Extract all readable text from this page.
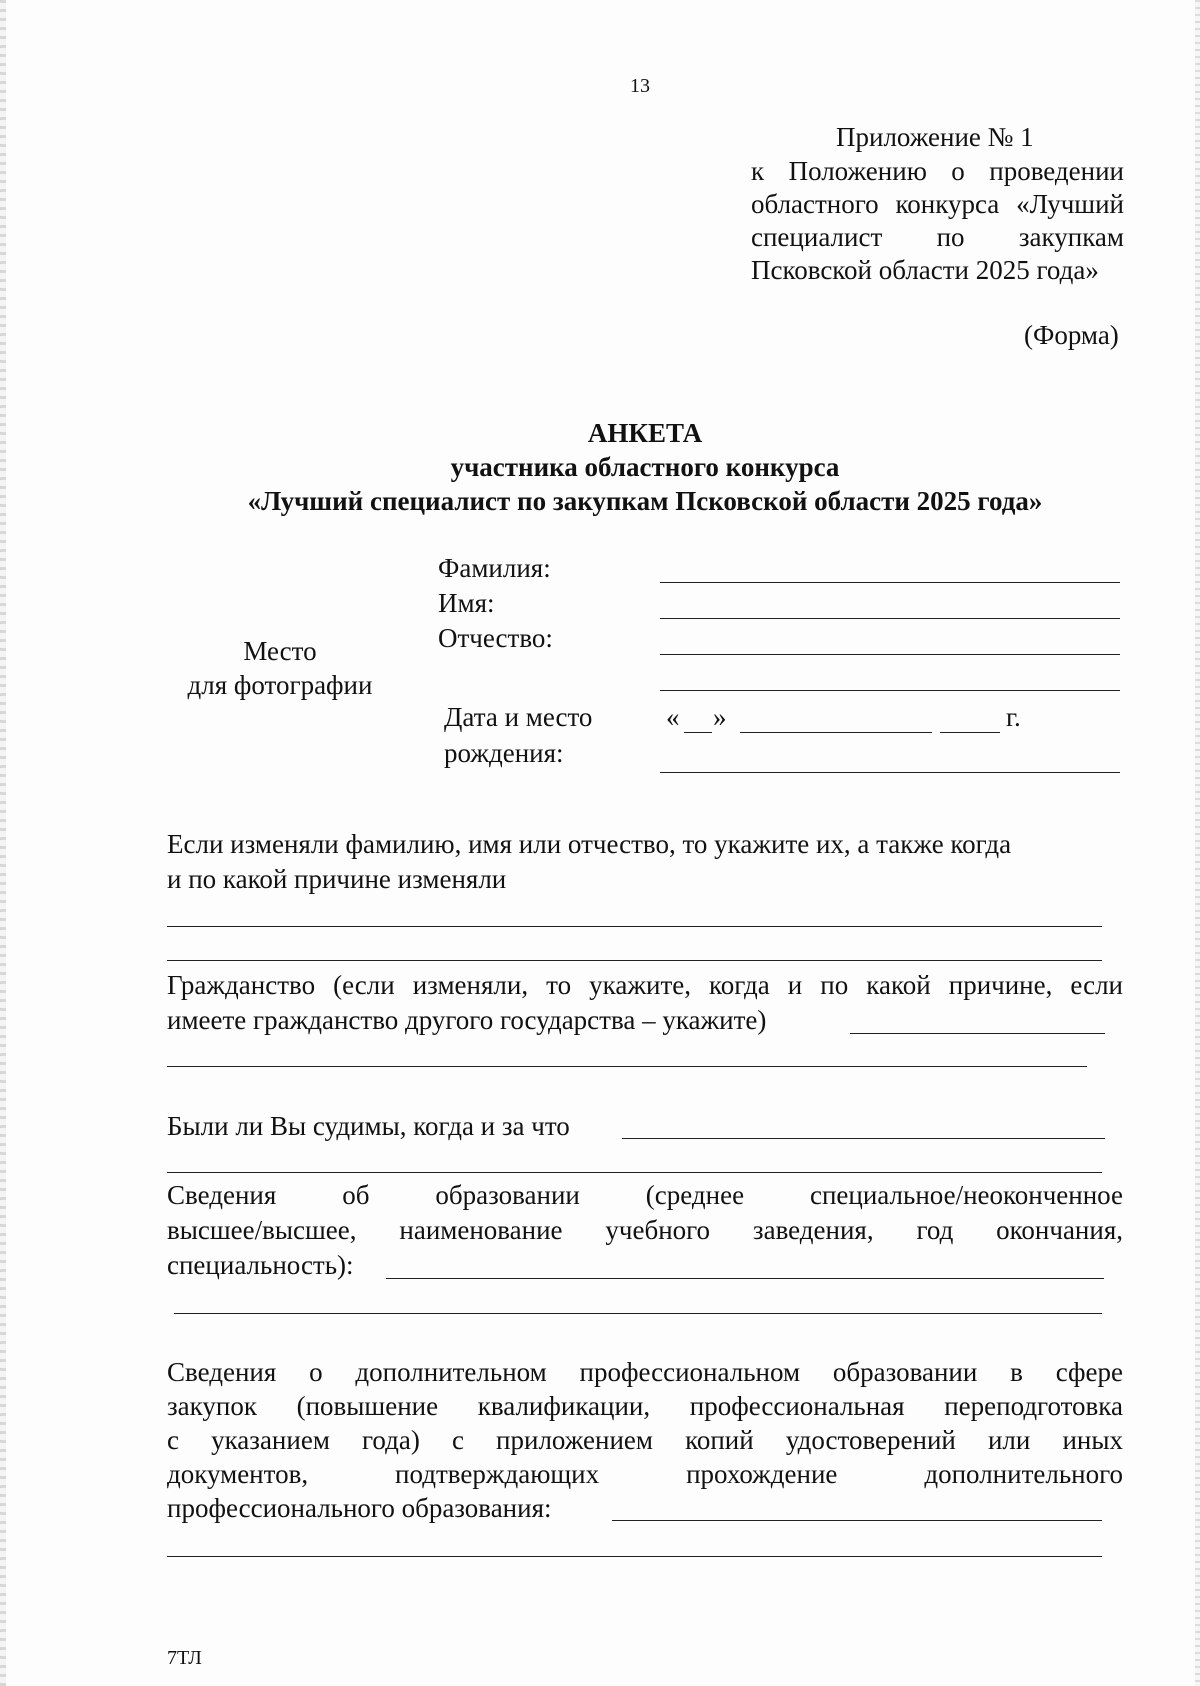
13
Приложение № 1
к Положению о проведении
областного конкурса «Лучший
специалист по закупкам
Псковской области 2025 года»
(Форма)
АНКЕТА
участника областного конкурса
«Лучший специалист по закупкам Псковской области 2025 года»
Место
для фотографии
Фамилия:
Имя:
Отчество:
Дата и место
рождения:
« »	г.
Если изменяли фамилию, имя или отчество, то укажите их, а также когда
и по какой причине изменяли
Гражданство (если изменяли, то укажите, когда и по какой причине, если
имеете гражданство другого государства – укажите)
Были ли Вы судимы, когда и за что
Сведения об образовании (среднее специальное/неоконченное
высшее/высшее, наименование учебного заведения, год окончания,
специальность):
Сведения о дополнительном профессиональном образовании в сфере
закупок (повышение квалификации, профессиональная переподготовка
с указанием года) с приложением копий удостоверений или иных
документов, подтверждающих прохождение дополнительного
профессионального образования:
7ТЛ
